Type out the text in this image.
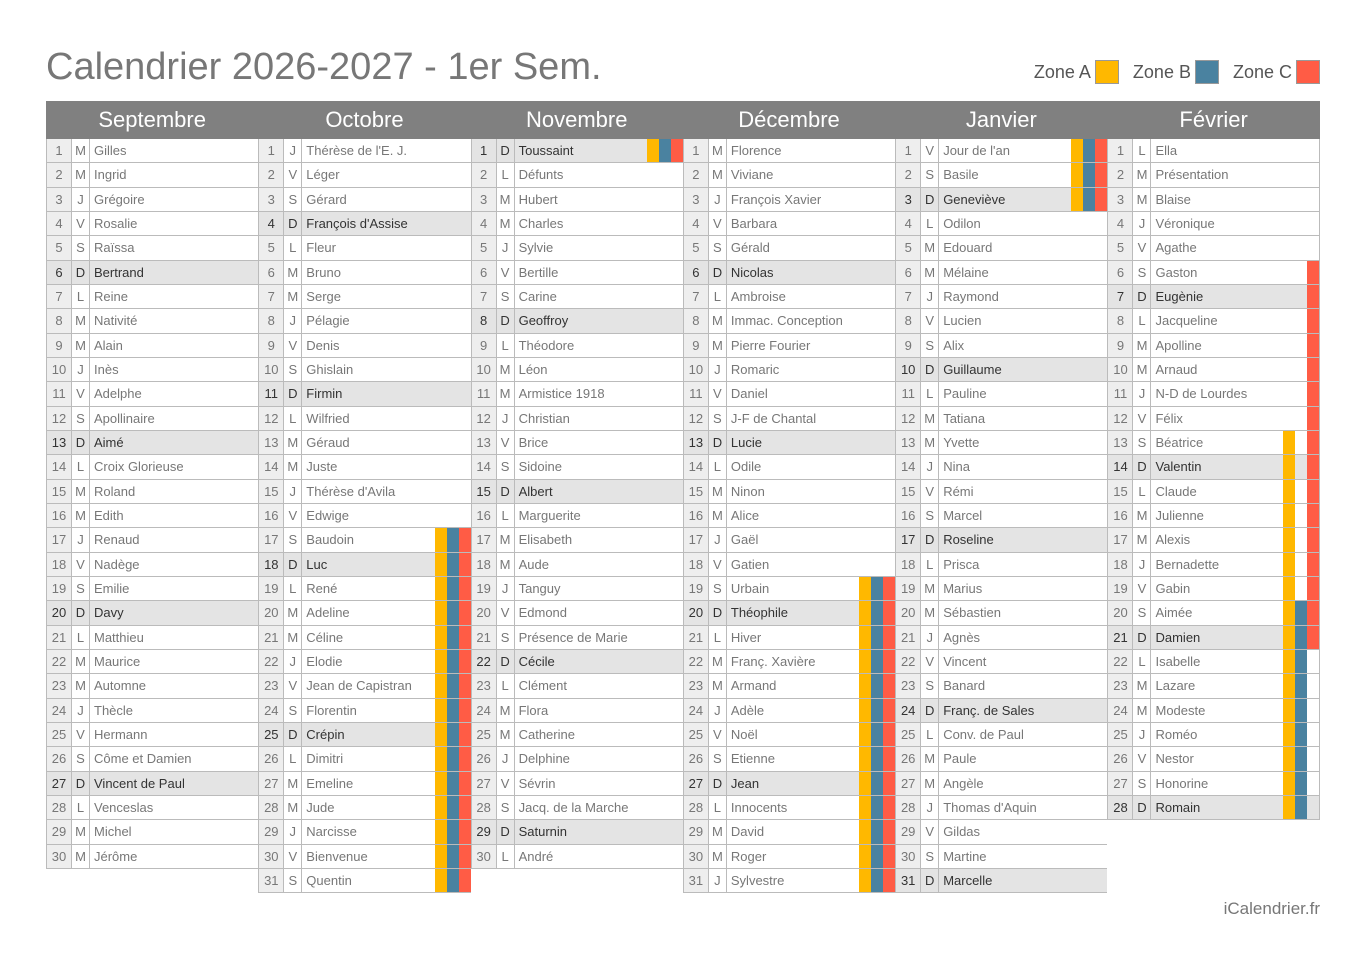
Calendrier 2026-2027 - 1er Sem.	Zone A Zone B Zone C
Septembre
1 M Gilles
2 M Ingrid
3	J Grégoire
4	V Rosalie
5	S Raïssa
6	D Bertrand
7	L Reine
8 M Nativité
9 M Alain
10 J Inès
11 V Adelphe
12 S Apollinaire
13 D Aimé
14 L Croix Glorieuse
15 M Roland
16 M Edith
17 J Renaud
18 V Nadège
19 S Emilie
20 D Davy
21 L Matthieu
22 M Maurice
23 M Automne
24 J Thècle
25 V Hermann
26 S Côme et Damien
27 D Vincent de Paul
28 L Venceslas
29 M Michel
30 M Jérôme
Octobre
1	J Thérèse de l'E. J.
2	V Léger
3	S Gérard
4	D François d'Assise
5	L Fleur
6 M Bruno
7 M Serge
8	J Pélagie
9	V Denis
10 S Ghislain
11 D Firmin
12 L Wilfried
13 M Géraud
14 M Juste
15 J Thérèse d'Avila
16 V Edwige
17 S Baudoin
18 D Luc
19 L René
20 M Adeline
21 M Céline
22 J Elodie
23 V Jean de Capistran
24 S Florentin
25 D Crépin
26 L Dimitri
27 M Emeline
28 M Jude
29 J Narcisse
30 V Bienvenue
31 S Quentin
Novembre
1	D Toussaint
2	L Défunts
3 M Hubert
4 M Charles
5	J Sylvie
6	V Bertille
7	S Carine
8	D Geoffroy
9	L Théodore
10 M Léon
11 M Armistice 1918
12 J Christian
13 V Brice
14 S Sidoine
15 D Albert
16 L Marguerite
17 M Elisabeth
18 M Aude
19 J Tanguy
20 V Edmond
21 S Présence de Marie
22 D Cécile
23 L Clément
24 M Flora
25 M Catherine
26 J Delphine
27 V Sévrin
28 S Jacq. de la Marche
29 D Saturnin
30 L André
Décembre
1 M Florence
2 M Viviane
3	J François Xavier
4	V Barbara
5	S Gérald
6	D Nicolas
7	L Ambroise
8 M Immac. Conception
9 M Pierre Fourier
10 J Romaric
11 V Daniel
12 S J-F de Chantal
13 D Lucie
14 L Odile
15 M Ninon
16 M Alice
17 J Gaël
18 V Gatien
19 S Urbain
20 D Théophile
21 L Hiver
22 M Franç. Xavière
23 M Armand
24 J Adèle
25 V Noël
26 S Etienne
27 D Jean
28 L Innocents
29 M David
30 M Roger
31 J Sylvestre
Janvier
1	V Jour de l'an
2	S Basile
3	D Geneviève
4	L Odilon
5 M Edouard
6 M Mélaine
7	J Raymond
8	V Lucien
9	S Alix
10 D Guillaume
11 L Pauline
12 M Tatiana
13 M Yvette
14 J Nina
15 V Rémi
16 S Marcel
17 D Roseline
18 L Prisca
19 M Marius
20 M Sébastien
21 J Agnès
22 V Vincent
23 S Banard
24 D Franç. de Sales
25 L Conv. de Paul
26 M Paule
27 M Angèle
28 J Thomas d'Aquin
29 V Gildas
30 S Martine
31 D Marcelle
Février
1	L Ella
2 M Présentation
3 M Blaise
4	J Véronique
5	V Agathe
6	S Gaston
7	D Eugènie
8	L Jacqueline
9 M Apolline
10 M Arnaud
11 J N-D de Lourdes
12 V Félix
13 S Béatrice
14 D Valentin
15 L Claude
16 M Julienne
17 M Alexis
18 J Bernadette
19 V Gabin
20 S Aimée
21 D Damien
22 L Isabelle
23 M Lazare
24 M Modeste
25 J Roméo
26 V Nestor
27 S Honorine
28 D Romain
iCalendrier.fr
